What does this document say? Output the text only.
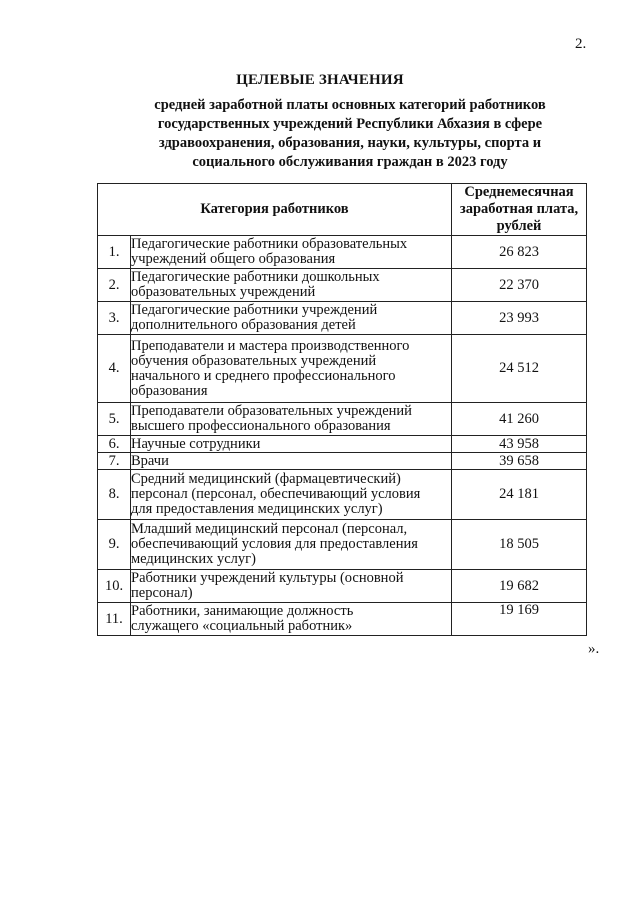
2.
ЦЕЛЕВЫЕ ЗНАЧЕНИЯ
средней заработной платы основных категорий работников
государственных учреждений Республики Абхазия в сфере
здравоохранения, образования, науки, культуры, спорта и
социального обслуживания граждан в 2023 году
Категория работников		Среднемесячная
заработная плата,
рублей

1.	Педагогические работники образовательных
учреждений общего образования	26 823
2.	Педагогические работники дошкольных
образовательных учреждений	22 370
3.	Педагогические работники учреждений
дополнительного образования детей	23 993
4.	Преподаватели и мастера производственного
обучения образовательных учреждений
начального и среднего профессионального
образования	24 512
5.	Преподаватели образовательных учреждений
высшего профессионального образования	41 260
6.	Научные сотрудники	43 958
7.	Врачи	39 658
8.	Средний медицинский (фармацевтический)
персонал (персонал, обеспечивающий условия
для предоставления медицинских услуг)	24 181
9.	Младший медицинский персонал (персонал,
обеспечивающий условия для предоставления
медицинских услуг)	18 505
10.	Работники учреждений культуры (основной
персонал)	19 682
11.	Работники, занимающие должность
служащего «социальный работник»	19 169
».
